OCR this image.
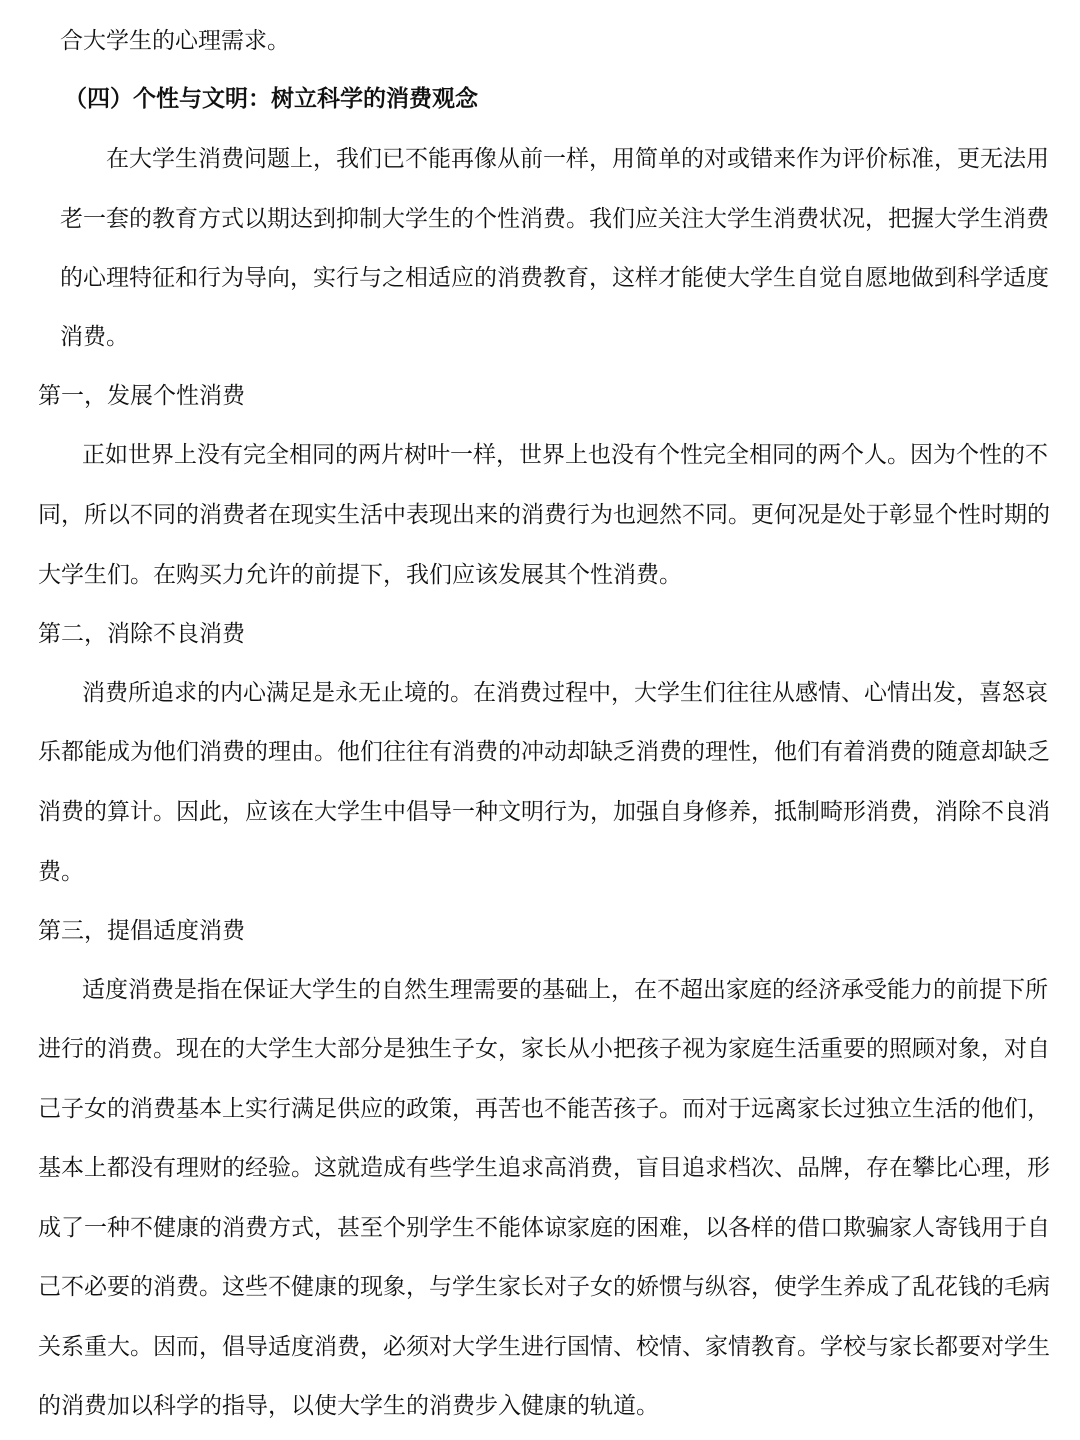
合大学生的心理需求。
（四）个性与文明：树立科学的消费观念
在大学生消费问题上，我们已不能再像从前一样，用简单的对或错来作为评价标准，更无法用
老一套的教育方式以期达到抑制大学生的个性消费。我们应关注大学生消费状况，把握大学生消费
的心理特征和行为导向，实行与之相适应的消费教育，这样才能使大学生自觉自愿地做到科学适度
消费。
第一，发展个性消费
正如世界上没有完全相同的两片树叶一样，世界上也没有个性完全相同的两个人。因为个性的不
同，所以不同的消费者在现实生活中表现出来的消费行为也迥然不同。更何况是处于彰显个性时期的
大学生们。在购买力允许的前提下，我们应该发展其个性消费。
第二，消除不良消费
消费所追求的内心满足是永无止境的。在消费过程中，大学生们往往从感情、心情出发，喜怒哀
乐都能成为他们消费的理由。他们往往有消费的冲动却缺乏消费的理性，他们有着消费的随意却缺乏
消费的算计。因此，应该在大学生中倡导一种文明行为，加强自身修养，抵制畸形消费，消除不良消
费。
第三，提倡适度消费
适度消费是指在保证大学生的自然生理需要的基础上，在不超出家庭的经济承受能力的前提下所
进行的消费。现在的大学生大部分是独生子女，家长从小把孩子视为家庭生活重要的照顾对象，对自
己子女的消费基本上实行满足供应的政策，再苦也不能苦孩子。而对于远离家长过独立生活的他们，
基本上都没有理财的经验。这就造成有些学生追求高消费，盲目追求档次、品牌，存在攀比心理，形
成了一种不健康的消费方式，甚至个别学生不能体谅家庭的困难，以各样的借口欺骗家人寄钱用于自
己不必要的消费。这些不健康的现象，与学生家长对子女的娇惯与纵容，使学生养成了乱花钱的毛病
关系重大。因而，倡导适度消费，必须对大学生进行国情、校情、家情教育。学校与家长都要对学生
的消费加以科学的指导，以使大学生的消费步入健康的轨道。
